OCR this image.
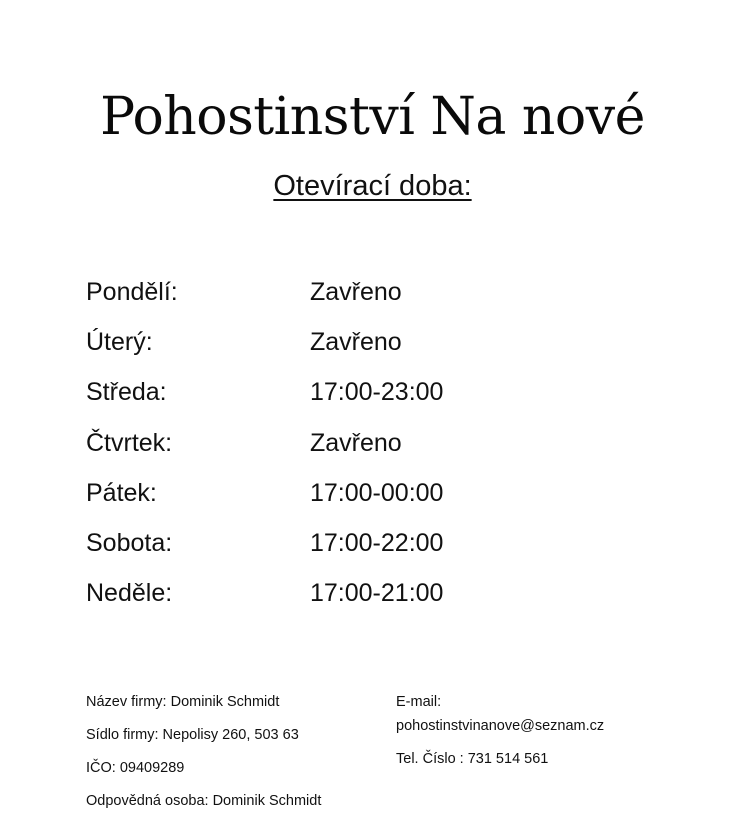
Pohostinství Na nové
Otevírací doba:
Pondělí:	Zavřeno
Úterý:	Zavřeno
Středa:	17:00-23:00
Čtvrtek:	Zavřeno
Pátek:	17:00-00:00
Sobota:	17:00-22:00
Neděle:	17:00-21:00
Název firmy: Dominik Schmidt
Sídlo firmy: Nepolisy 260, 503 63
IČO: 09409289
Odpovědná osoba: Dominik Schmidt
E-mail:
pohostinstvinanove@seznam.cz
Tel. Číslo : 731 514 561
